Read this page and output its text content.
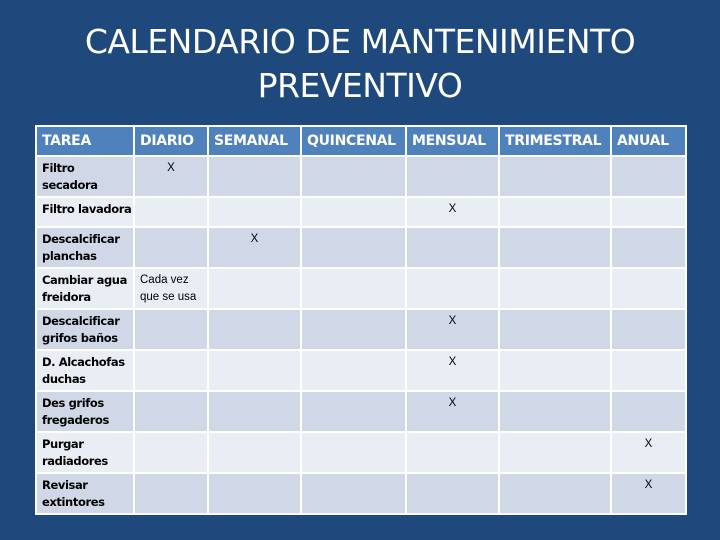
CALENDARIO DE MANTENIMIENTO
PREVENTIVO
TAREA	DIARIO	SEMANAL	QUINCENAL	MENSUAL	TRIMESTRAL	ANUAL
Filtro secadora	X					
Filtro lavadora				X		
Descalcificar planchas		X				
Cambiar agua freidora	Cada vez que se usa					
Descalcificar grifos baños				X		
D. Alcachofas duchas				X		
Des grifos fregaderos				X		
Purgar radiadores						X
Revisar extintores						X
